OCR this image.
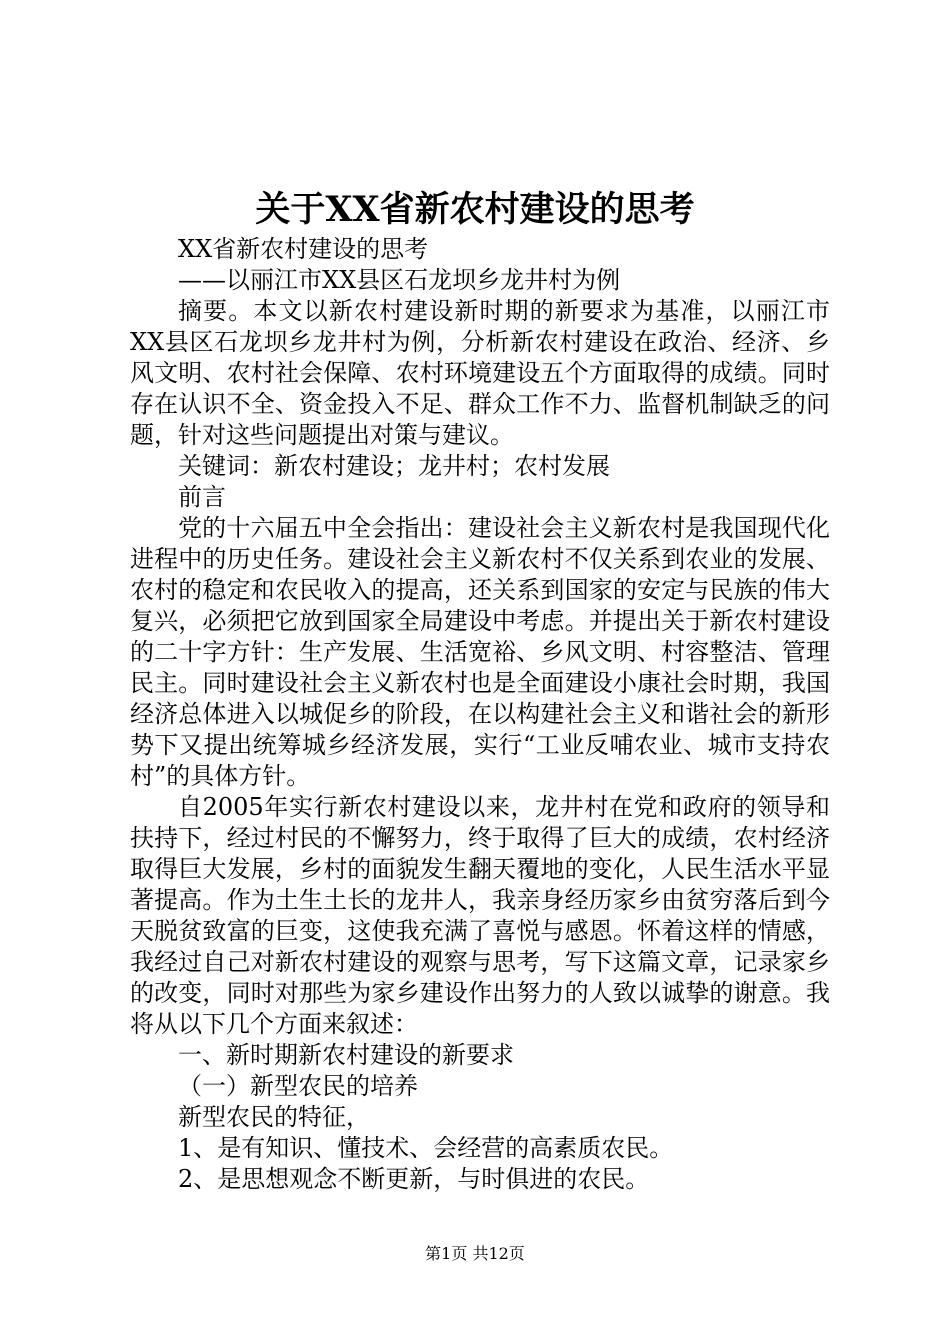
关于XX省新农村建设的思考

XX省新农村建设的思考

——以丽江市XX县区石龙坝乡龙井村为例

摘要。本文以新农村建设新时期的新要求为基准，以丽江市XX县区石龙坝乡龙井村为例，分析新农村建设在政治、经济、乡风文明、农村社会保障、农村环境建设五个方面取得的成绩。同时存在认识不全、资金投入不足、群众工作不力、监督机制缺乏的问题，针对这些问题提出对策与建议。

关键词：新农村建设；龙井村；农村发展

前言

党的十六届五中全会指出：建设社会主义新农村是我国现代化进程中的历史任务。建设社会主义新农村不仅关系到农业的发展、农村的稳定和农民收入的提高，还关系到国家的安定与民族的伟大复兴，必须把它放到国家全局建设中考虑。并提出关于新农村建设的二十字方针：生产发展、生活宽裕、乡风文明、村容整洁、管理民主。同时建设社会主义新农村也是全面建设小康社会时期，我国经济总体进入以城促乡的阶段，在以构建社会主义和谐社会的新形势下又提出统筹城乡经济发展，实行“工业反哺农业、城市支持农村”的具体方针。

自2005年实行新农村建设以来，龙井村在党和政府的领导和扶持下，经过村民的不懈努力，终于取得了巨大的成绩，农村经济取得巨大发展，乡村的面貌发生翻天覆地的变化，人民生活水平显著提高。作为土生土长的龙井人，我亲身经历家乡由贫穷落后到今天脱贫致富的巨变，这使我充满了喜悦与感恩。怀着这样的情感，我经过自己对新农村建设的观察与思考，写下这篇文章，记录家乡的改变，同时对那些为家乡建设作出努力的人致以诚挚的谢意。我将从以下几个方面来叙述：

一、新时期新农村建设的新要求

（一）新型农民的培养

新型农民的特征，

1、是有知识、懂技术、会经营的高素质农民。

2、是思想观念不断更新，与时俱进的农民。

第1页 共12页
